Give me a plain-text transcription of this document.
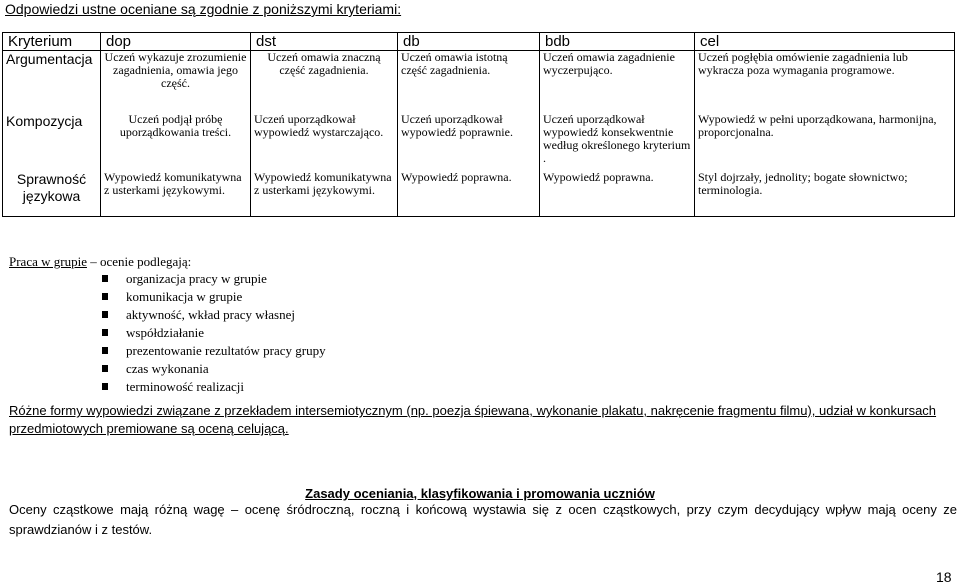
Odpowiedzi ustne oceniane są zgodnie z poniższymi kryteriami:
Kryterium	dop	dst	db	bdb	cel
Argumentacja	Uczeń wykazuje zrozumienie zagadnienia, omawia jego część.	Uczeń omawia znaczną część zagadnienia.	Uczeń omawia istotną część zagadnienia.	Uczeń omawia zagadnienie wyczerpująco.	Uczeń pogłębia omówienie zagadnienia lub wykracza poza wymagania programowe.
Kompozycja	Uczeń podjął próbę uporządkowania treści.	Uczeń uporządkował wypowiedź wystarczająco.	Uczeń uporządkował wypowiedź poprawnie.	Uczeń uporządkował wypowiedź konsekwentnie według określonego kryterium .	Wypowiedź w pełni uporządkowana, harmonijna, proporcjonalna.
Sprawność językowa	Wypowiedź komunikatywna z usterkami językowymi.	Wypowiedź komunikatywna z usterkami językowymi.	Wypowiedź poprawna.	Wypowiedź poprawna.	Styl dojrzały, jednolity; bogate słownictwo; terminologia.
Praca w grupie – ocenie podlegają:
organizacja pracy w grupie
komunikacja w grupie
aktywność, wkład pracy własnej
współdziałanie
prezentowanie rezultatów pracy grupy
czas wykonania
terminowość realizacji
Różne formy wypowiedzi związane z przekładem intersemiotycznym (np. poezja śpiewana, wykonanie plakatu, nakręcenie fragmentu filmu), udział w konkursach przedmiotowych premiowane są oceną celującą.
Zasady oceniania, klasyfikowania i promowania uczniów
Oceny cząstkowe mają różną wagę – ocenę śródroczną, roczną i końcową wystawia się z ocen cząstkowych, przy czym decydujący wpływ mają oceny ze sprawdzianów i z testów.
18
